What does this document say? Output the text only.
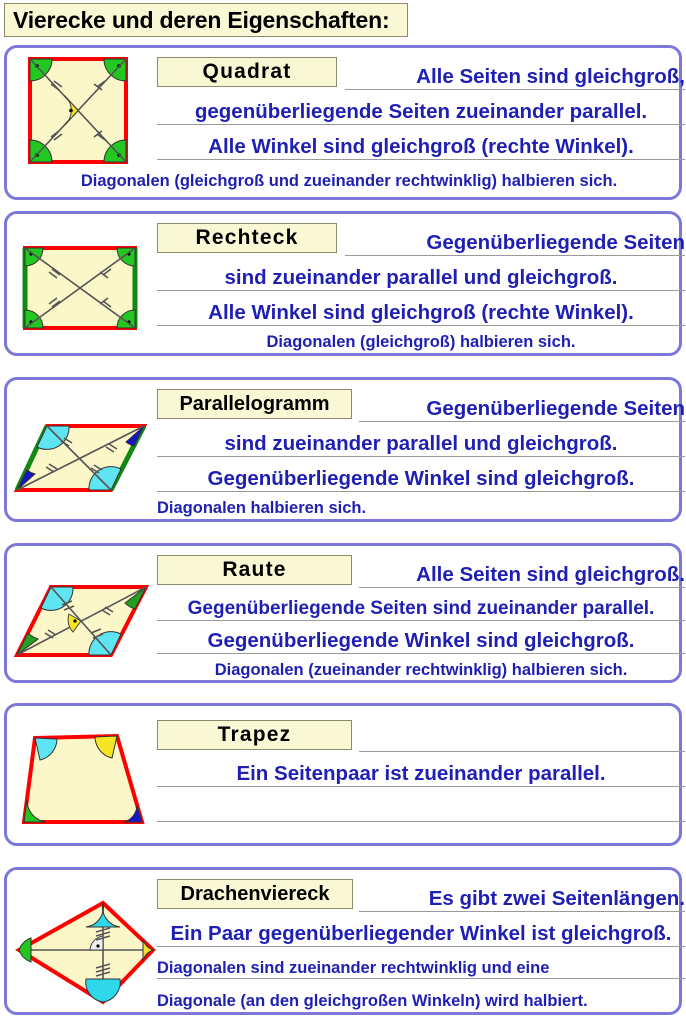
Vierecke und deren Eigenschaften:
Quadrat	Alle Seiten sind gleichgroß,
gegenüberliegende Seiten zueinander parallel.
Alle Winkel sind gleichgroß (rechte Winkel).
Diagonalen (gleichgroß und zueinander rechtwinklig) halbieren sich.
Rechteck	Gegenüberliegende Seiten
sind zueinander parallel und gleichgroß.
Alle Winkel sind gleichgroß (rechte Winkel).
Diagonalen (gleichgroß) halbieren sich.
Parallelogramm	Gegenüberliegende Seiten
sind zueinander parallel und gleichgroß.
Gegenüberliegende Winkel sind gleichgroß.
Diagonalen halbieren sich.
Raute	Alle Seiten sind gleichgroß.
Gegenüberliegende Seiten sind zueinander parallel.
Gegenüberliegende Winkel sind gleichgroß.
Diagonalen (zueinander rechtwinklig) halbieren sich.
Trapez
Ein Seitenpaar ist zueinander parallel.
Drachenviereck	Es gibt zwei Seitenlängen.
Ein Paar gegenüberliegender Winkel ist gleichgroß.
Diagonalen sind zueinander rechtwinklig und eine
Diagonale (an den gleichgroßen Winkeln) wird halbiert.
